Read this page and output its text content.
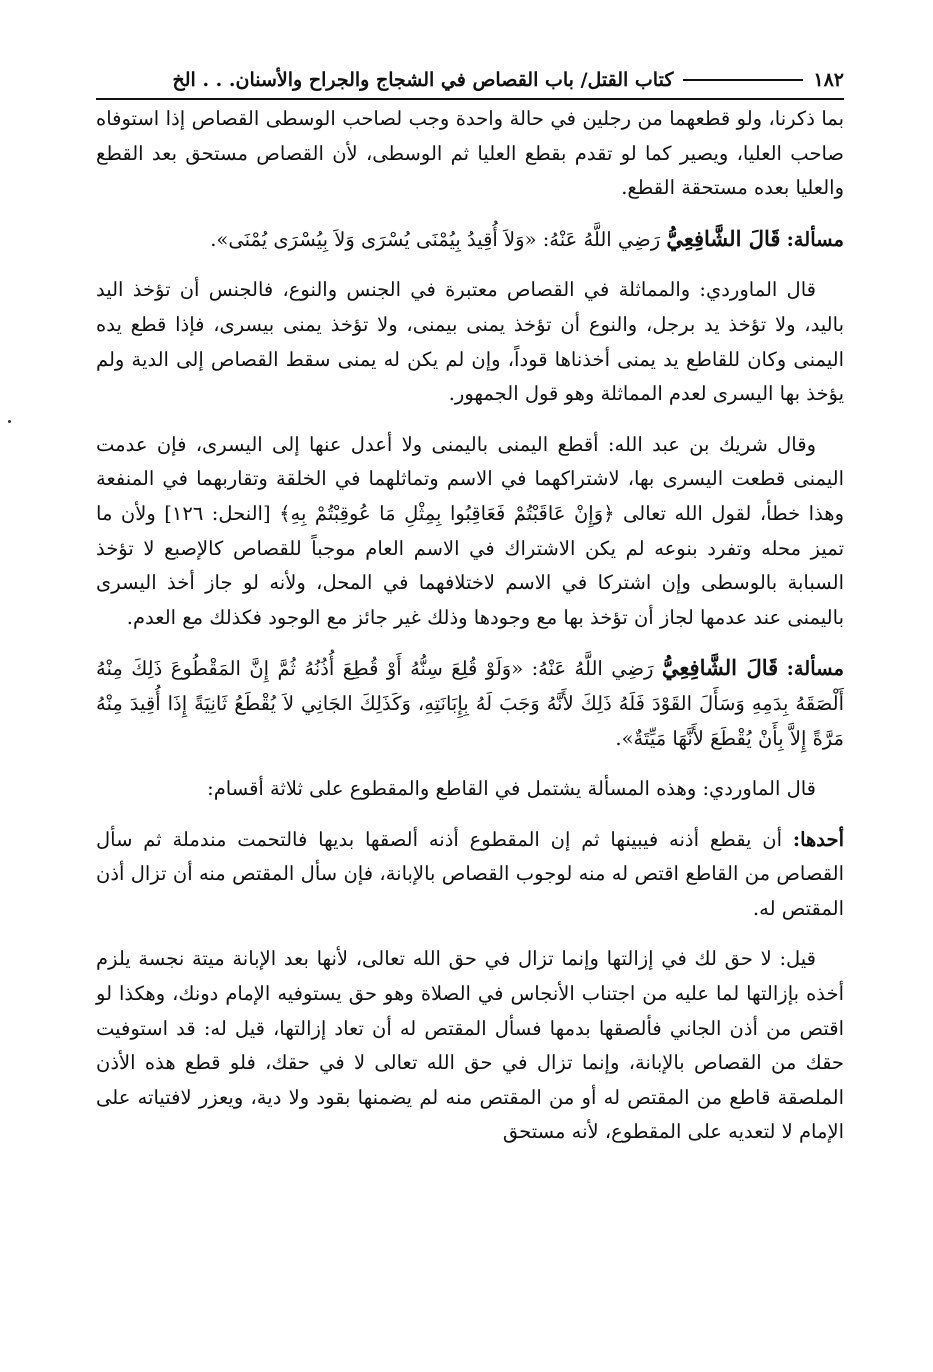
١٨٢
كتاب القتل/ باب القصاص في الشجاج والجراح والأسنان. . . الخ

بما ذكرنا، ولو قطعهما من رجلين في حالة واحدة وجب لصاحب الوسطى القصاص إذا استوفاه صاحب العليا، ويصير كما لو تقدم بقطع العليا ثم الوسطى، لأن القصاص مستحق بعد القطع والعليا بعده مستحقة القطع.

مسألة: قَالَ الشَّافِعِيُّ رَضِي اللَّهُ عَنْهُ: «وَلاَ أُقِيدُ بِيُمْنَى يُسْرَى وَلاَ بِيُسْرَى يُمْنَى».

قال الماوردي: والمماثلة في القصاص معتبرة في الجنس والنوع، فالجنس أن تؤخذ اليد باليد، ولا تؤخذ يد برجل، والنوع أن تؤخذ يمنى بيمنى، ولا تؤخذ يمنى بيسرى، فإذا قطع يده اليمنى وكان للقاطع يد يمنى أخذناها قوداً، وإن لم يكن له يمنى سقط القصاص إلى الدية ولم يؤخذ بها اليسرى لعدم المماثلة وهو قول الجمهور.

وقال شريك بن عبد الله: أقطع اليمنى باليمنى ولا أعدل عنها إلى اليسرى، فإن عدمت اليمنى قطعت اليسرى بها، لاشتراكهما في الاسم وتماثلهما في الخلقة وتقاربهما في المنفعة وهذا خطأ، لقول الله تعالى ﴿وَإِنْ عَاقَبْتُمْ فَعَاقِبُوا بِمِثْلِ مَا عُوقِبْتُمْ بِهِ﴾ [النحل: ١٢٦] ولأن ما تميز محله وتفرد بنوعه لم يكن الاشتراك في الاسم العام موجباً للقصاص كالإصبع لا تؤخذ السبابة بالوسطى وإن اشتركا في الاسم لاختلافهما في المحل، ولأنه لو جاز أخذ اليسرى باليمنى عند عدمها لجاز أن تؤخذ بها مع وجودها وذلك غير جائز مع الوجود فكذلك مع العدم.

مسألة: قَالَ الشَّافِعِيُّ رَضِي اللَّهُ عَنْهُ: «وَلَوْ قُلِعَ سِنُّهُ أَوْ قُطِعَ أُذُنُهُ ثُمَّ إِنَّ المَقْطُوعَ ذَلِكَ مِنْهُ أَلْصَقَهُ بِدَمِهِ وَسَأَلَ القَوْدَ فَلَهُ ذَلِكَ لأَنَّهُ وَجَبَ لَهُ بِإِبَانَتِهِ، وَكَذَلِكَ الجَانِي لاَ يُقْطَعُ ثَانِيَةً إِذَا أُقِيدَ مِنْهُ مَرَّةً إِلاَّ بِأَنْ يُقْطَعَ لأَنَّهَا مَيِّتَةٌ».

قال الماوردي: وهذه المسألة يشتمل في القاطع والمقطوع على ثلاثة أقسام:

أحدها: أن يقطع أذنه فيبينها ثم إن المقطوع أذنه ألصقها بديها فالتحمت مندملة ثم سأل القصاص من القاطع اقتص له منه لوجوب القصاص بالإبانة، فإن سأل المقتص منه أن تزال أذن المقتص له.

قيل: لا حق لك في إزالتها وإنما تزال في حق الله تعالى، لأنها بعد الإبانة ميتة نجسة يلزم أخذه بإزالتها لما عليه من اجتناب الأنجاس في الصلاة وهو حق يستوفيه الإمام دونك، وهكذا لو اقتص من أذن الجاني فألصقها بدمها فسأل المقتص له أن تعاد إزالتها، قيل له: قد استوفيت حقك من القصاص بالإبانة، وإنما تزال في حق الله تعالى لا في حقك، فلو قطع هذه الأذن الملصقة قاطع من المقتص له أو من المقتص منه لم يضمنها بقود ولا دية، ويعزر لافتياته على الإمام لا لتعديه على المقطوع، لأنه مستحق
